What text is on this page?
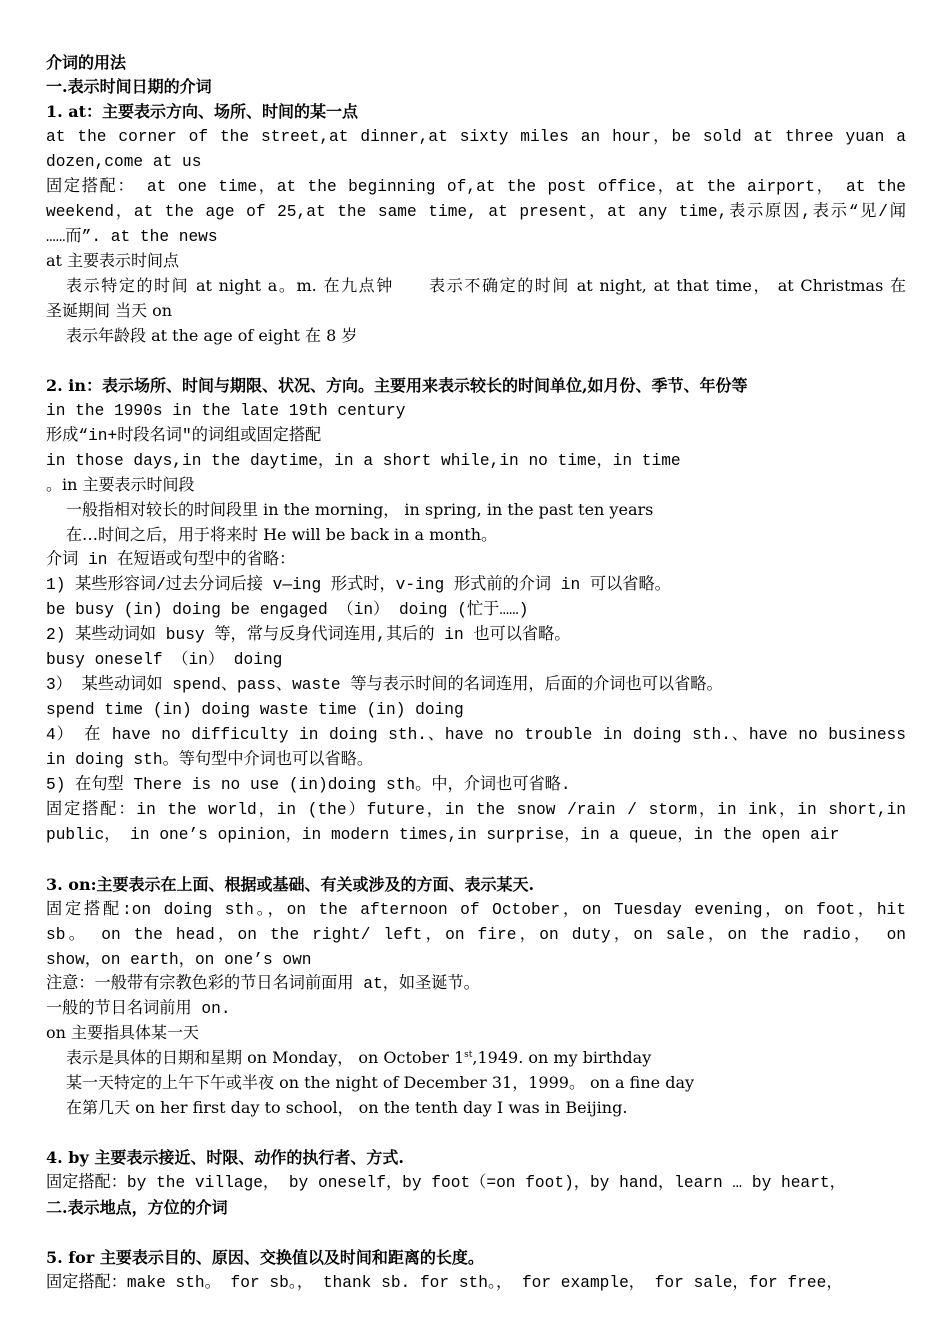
介词的用法
一.表示时间日期的介词
1. at：主要表示方向、场所、时间的某一点
at the corner of the street,at dinner,at sixty miles an hour，be sold at three yuan a
dozen,come at us
固定搭配： at one time，at the beginning of,at the post office，at the airport， at the
weekend，at the age of 25,at the same time, at present，at any time,表示原因,表示“见/闻
……而”. at the news
at 主要表示时间点
表示特定的时间 at night a。m. 在九点钟　　表示不确定的时间 at night, at that time， at Christmas 在
圣诞期间 当天 on
表示年龄段 at the age of eight 在 8 岁
2. in：表示场所、时间与期限、状况、方向。主要用来表示较长的时间单位,如月份、季节、年份等
in the 1990s in the late 19th century
形成“in+时段名词″的词组或固定搭配
in those days,in the daytime，in a short while,in no time，in time
。in 主要表示时间段
一般指相对较长的时间段里 in the morning， in spring, in the past ten years
在…时间之后，用于将来时 He will be back in a month。
介词 in 在短语或句型中的省略：
1) 某些形容词/过去分词后接 v—ing 形式时，v-ing 形式前的介词 in 可以省略。
be busy (in) doing be engaged （in） doing (忙于……)
2) 某些动词如 busy 等，常与反身代词连用,其后的 in 也可以省略。
busy oneself （in） doing
3） 某些动词如 spend、pass、waste 等与表示时间的名词连用，后面的介词也可以省略。
spend time (in) doing waste time (in) doing
4） 在 have no difficulty in doing sth.、have no trouble in doing sth.、have no business
in doing sth。等句型中介词也可以省略。
5) 在句型 There is no use (in)doing sth。中，介词也可省略.
固定搭配：in the world，in (the）future，in the snow /rain / storm，in ink，in short,in
public， in one’s opinion，in modern times,in surprise，in a queue，in the open air
3. on:主要表示在上面、根据或基础、有关或涉及的方面、表示某天.
固定搭配:on doing sth。，on the afternoon of October，on Tuesday evening，on foot，hit
sb。 on the head，on the right/ left，on fire，on duty，on sale，on the radio， on
show，on earth，on one’s own
注意：一般带有宗教色彩的节日名词前面用 at，如圣诞节。
一般的节日名词前用 on.
on 主要指具体某一天
表示是具体的日期和星期 on Monday， on October 1st,1949. on my birthday
某一天特定的上午下午或半夜 on the night of December 31，1999。 on a fine day
在第几天 on her first day to school， on the tenth day I was in Beijing.
4. by 主要表示接近、时限、动作的执行者、方式.
固定搭配：by the village， by oneself，by foot（=on foot)，by hand，learn … by heart，
二.表示地点，方位的介词
5. for 主要表示目的、原因、交换值以及时间和距离的长度。
固定搭配：make sth。 for sb。， thank sb. for sth。， for example， for sale，for free，
